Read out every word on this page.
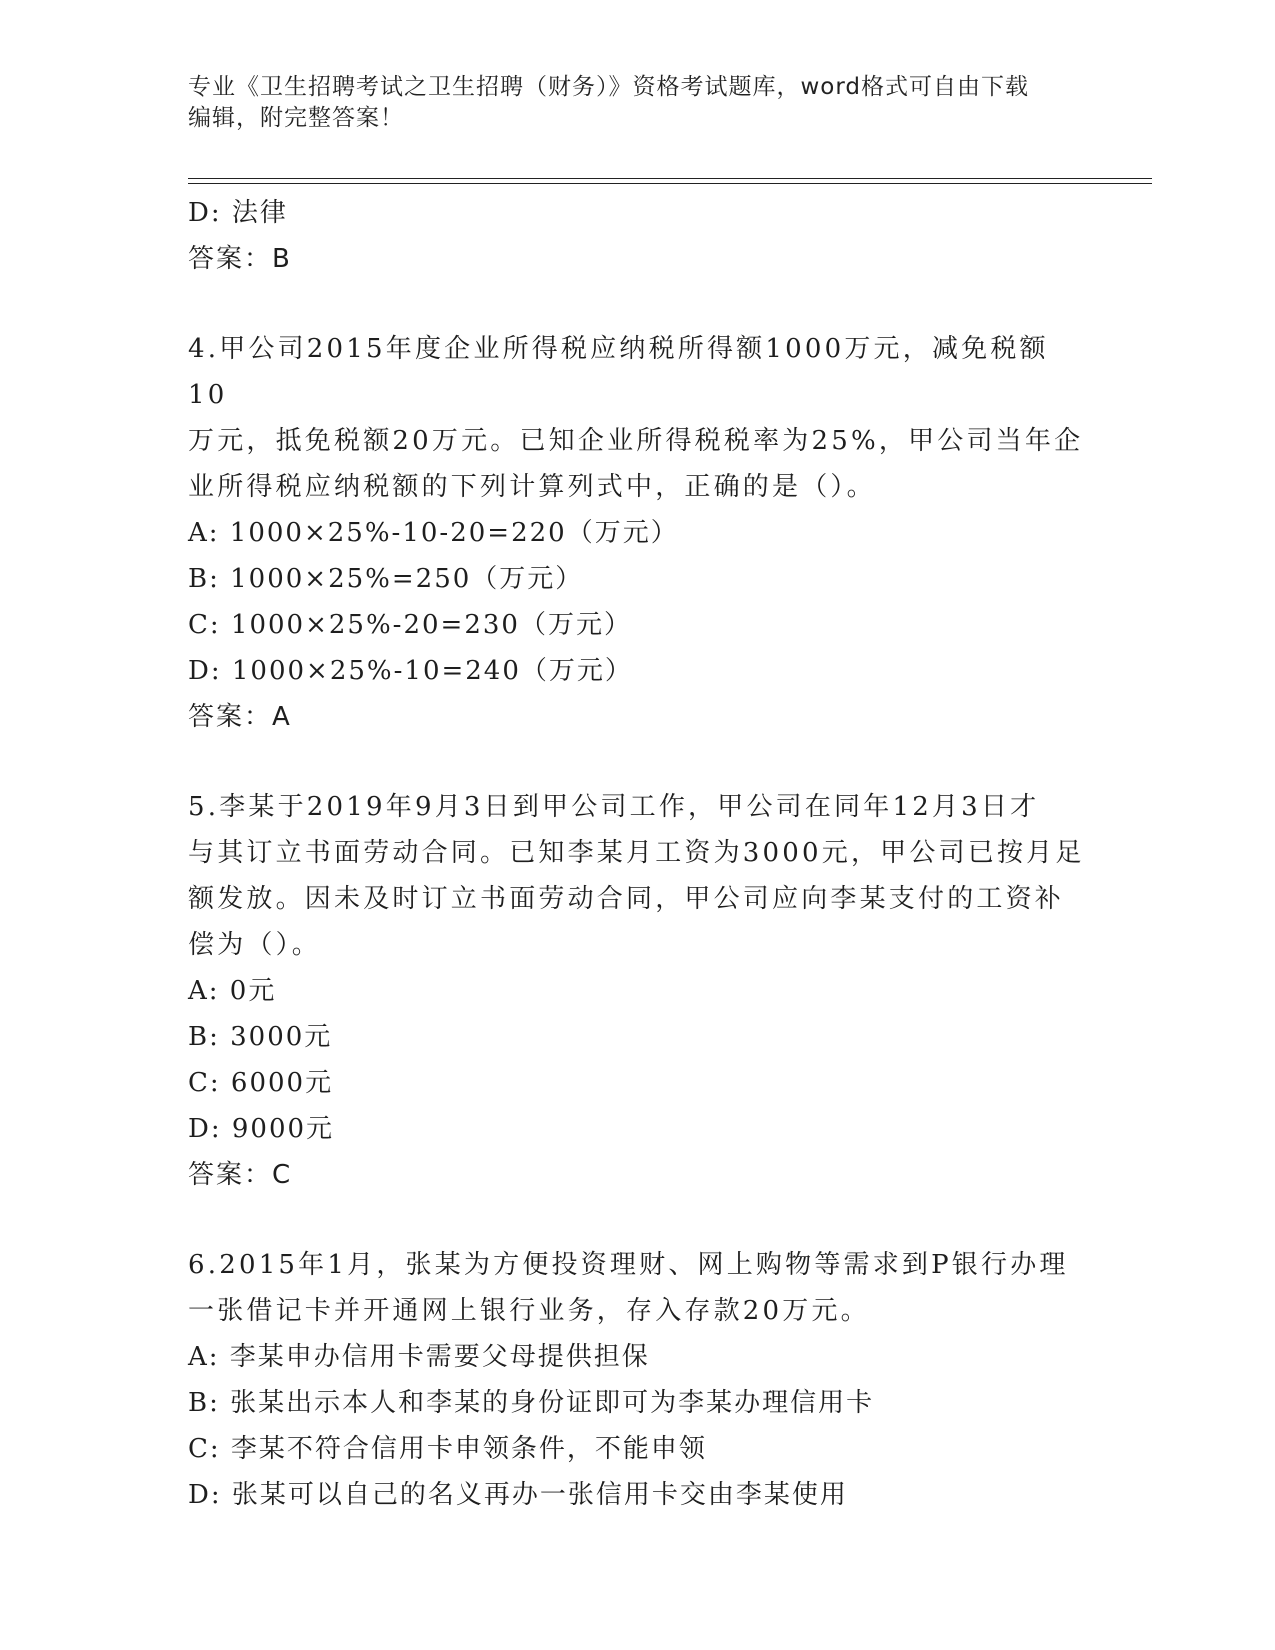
专业《卫生招聘考试之卫生招聘（财务）》资格考试题库，word格式可自由下载
编辑，附完整答案！
D: 法律
答案：B
4.甲公司2015年度企业所得税应纳税所得额1000万元，减免税额10
万元，抵免税额20万元。已知企业所得税税率为25%，甲公司当年企
业所得税应纳税额的下列计算列式中，正确的是（）。
A: 1000×25%-10-20=220（万元）
B: 1000×25%=250（万元）
C: 1000×25%-20=230（万元）
D: 1000×25%-10=240（万元）
答案：A
5.李某于2019年9月3日到甲公司工作，甲公司在同年12月3日才
与其订立书面劳动合同。已知李某月工资为3000元，甲公司已按月足
额发放。因未及时订立书面劳动合同，甲公司应向李某支付的工资补
偿为（）。
A: 0元
B: 3000元
C: 6000元
D: 9000元
答案：C
6.2015年1月，张某为方便投资理财、网上购物等需求到P银行办理
一张借记卡并开通网上银行业务，存入存款20万元。
A: 李某申办信用卡需要父母提供担保
B: 张某出示本人和李某的身份证即可为李某办理信用卡
C: 李某不符合信用卡申领条件，不能申领
D: 张某可以自己的名义再办一张信用卡交由李某使用
